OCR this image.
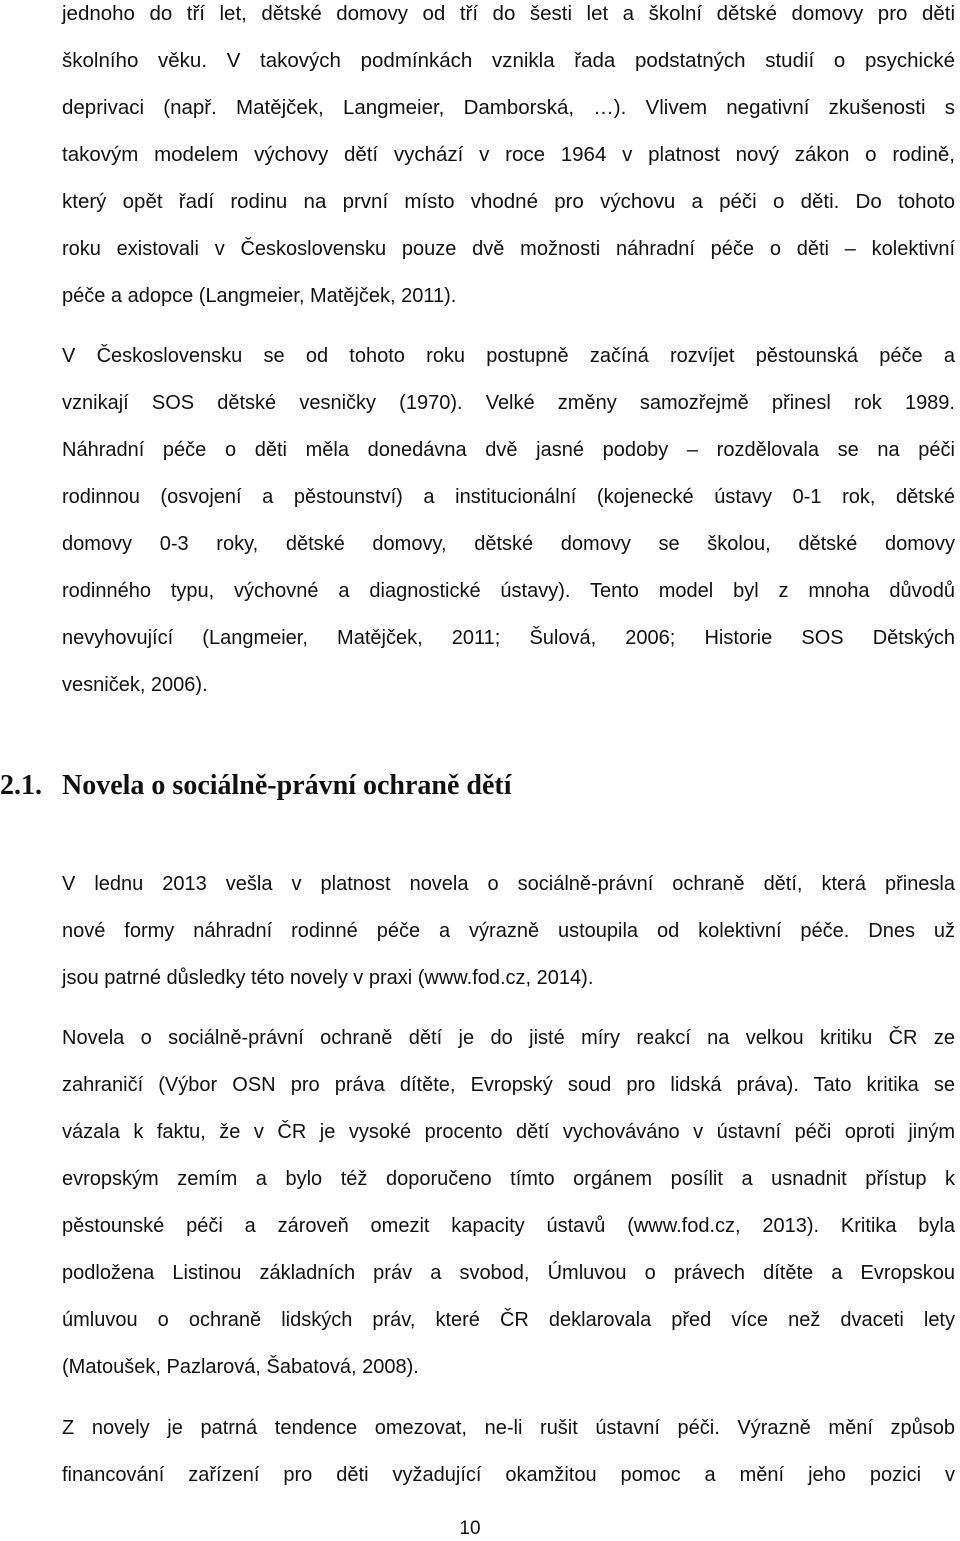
jednoho do tří let, dětské domovy od tří do šesti let a školní dětské domovy pro děti
školního věku. V takových podmínkách vznikla řada podstatných studií o psychické
deprivaci (např. Matějček, Langmeier, Damborská, …). Vlivem negativní zkušenosti s
takovým modelem výchovy dětí vychází v roce 1964 v platnost nový zákon o rodině,
který opět řadí rodinu na první místo vhodné pro výchovu a péči o děti. Do tohoto
roku existovali v Československu pouze dvě možnosti náhradní péče o děti – kolektivní
péče a adopce (Langmeier, Matějček, 2011).
V Československu se od tohoto roku postupně začíná rozvíjet pěstounská péče a
vznikají SOS dětské vesničky (1970). Velké změny samozřejmě přinesl rok 1989.
Náhradní péče o děti měla donedávna dvě jasné podoby – rozdělovala se na péči
rodinnou (osvojení a pěstounství) a institucionální (kojenecké ústavy 0-1 rok, dětské
domovy 0-3 roky, dětské domovy, dětské domovy se školou, dětské domovy
rodinného typu, výchovné a diagnostické ústavy). Tento model byl z mnoha důvodů
nevyhovující (Langmeier, Matějček, 2011; Šulová, 2006; Historie SOS Dětských
vesniček, 2006).
2.1. Novela o sociálně-právní ochraně dětí
V lednu 2013 vešla v platnost novela o sociálně-právní ochraně dětí, která přinesla
nové formy náhradní rodinné péče a výrazně ustoupila od kolektivní péče. Dnes už
jsou patrné důsledky této novely v praxi (www.fod.cz, 2014).
Novela o sociálně-právní ochraně dětí je do jisté míry reakcí na velkou kritiku ČR ze
zahraničí (Výbor OSN pro práva dítěte, Evropský soud pro lidská práva). Tato kritika se
vázala k faktu, že v ČR je vysoké procento dětí vychováváno v ústavní péči oproti jiným
evropským zemím a bylo též doporučeno tímto orgánem posílit a usnadnit přístup k
pěstounské péči a zároveň omezit kapacity ústavů (www.fod.cz, 2013). Kritika byla
podložena Listinou základních práv a svobod, Úmluvou o právech dítěte a Evropskou
úmluvou o ochraně lidských práv, které ČR deklarovala před více než dvaceti lety
(Matoušek, Pazlarová, Šabatová, 2008).
Z novely je patrná tendence omezovat, ne-li rušit ústavní péči. Výrazně mění způsob
financování zařízení pro děti vyžadující okamžitou pomoc a mění jeho pozici v
10
